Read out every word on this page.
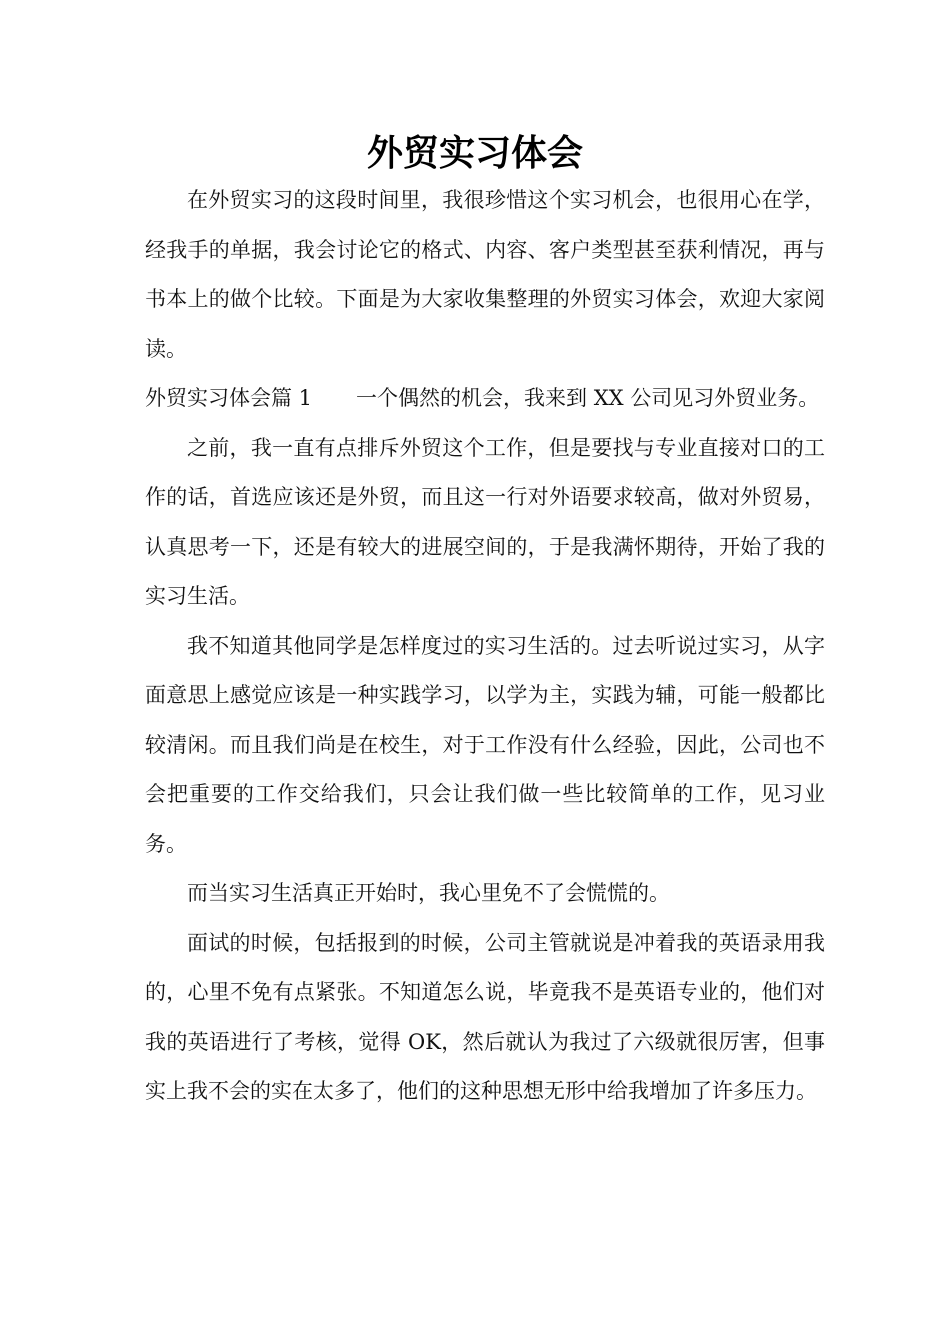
外贸实习体会

在外贸实习的这段时间里，我很珍惜这个实习机会，也很用心在学，经我手的单据，我会讨论它的格式、内容、客户类型甚至获利情况，再与书本上的做个比较。下面是为大家收集整理的外贸实习体会，欢迎大家阅读。

外贸实习体会篇 1 一个偶然的机会，我来到 XX 公司见习外贸业务。

之前，我一直有点排斥外贸这个工作，但是要找与专业直接对口的工作的话，首选应该还是外贸，而且这一行对外语要求较高，做对外贸易，认真思考一下，还是有较大的进展空间的，于是我满怀期待，开始了我的实习生活。

我不知道其他同学是怎样度过的实习生活的。过去听说过实习，从字面意思上感觉应该是一种实践学习，以学为主，实践为辅，可能一般都比较清闲。而且我们尚是在校生，对于工作没有什么经验，因此，公司也不会把重要的工作交给我们，只会让我们做一些比较简单的工作，见习业务。

而当实习生活真正开始时，我心里免不了会慌慌的。

面试的时候，包括报到的时候，公司主管就说是冲着我的英语录用我的，心里不免有点紧张。不知道怎么说，毕竟我不是英语专业的，他们对我的英语进行了考核，觉得 OK，然后就认为我过了六级就很厉害，但事实上我不会的实在太多了，他们的这种思想无形中给我增加了许多压力。
